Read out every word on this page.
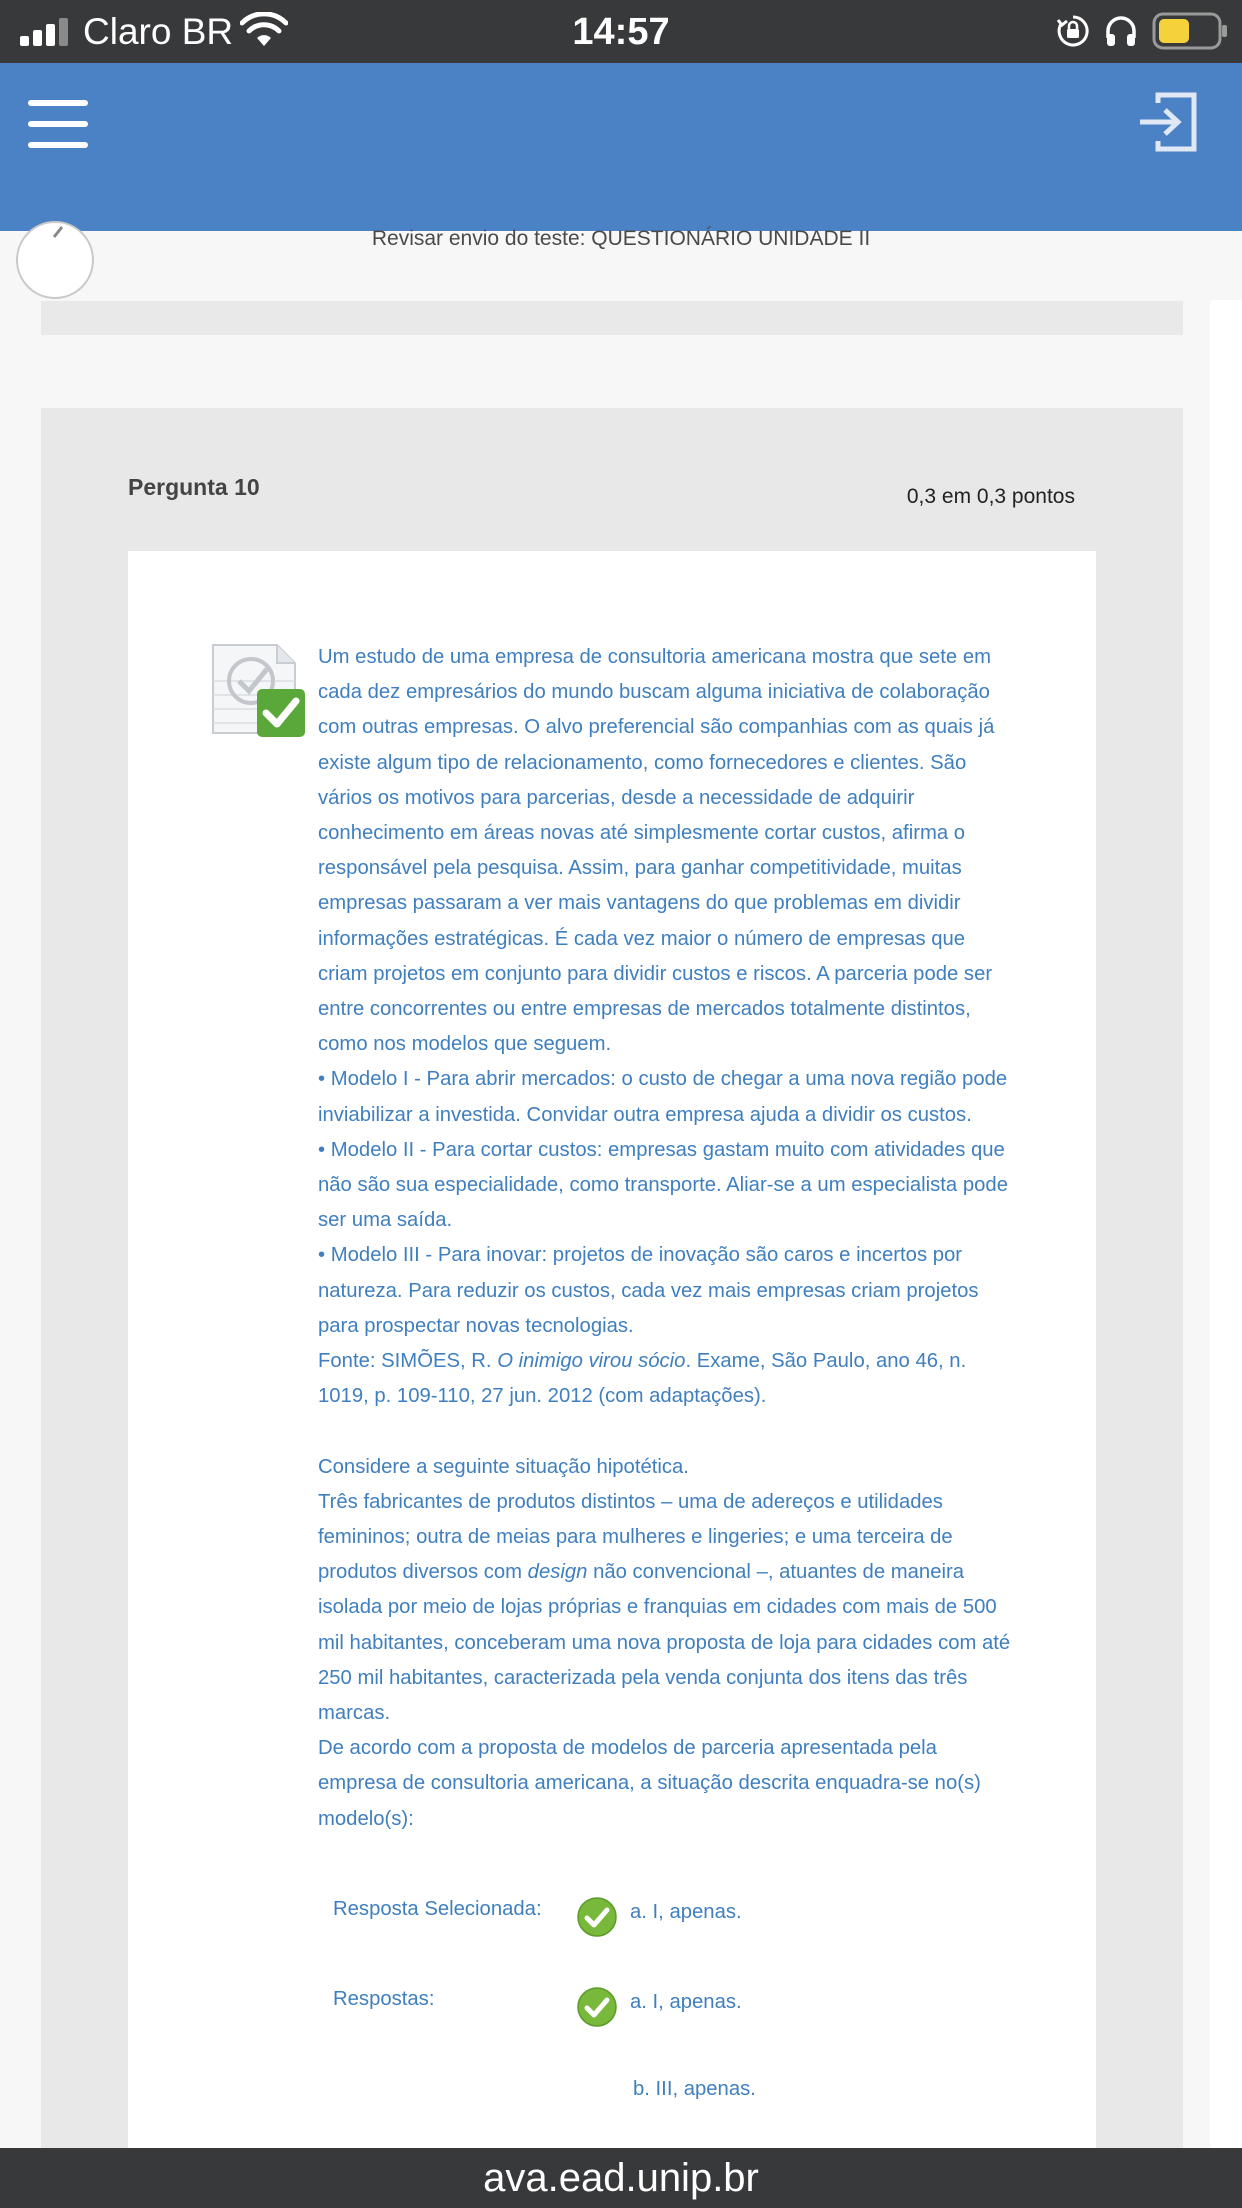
Claro BR	14:57
Revisar envio do teste: QUESTIONÁRIO UNIDADE II
Pergunta 10	0,3 em 0,3 pontos

Um estudo de uma empresa de consultoria americana mostra que sete em cada dez empresários do mundo buscam alguma iniciativa de colaboração com outras empresas. O alvo preferencial são companhias com as quais já existe algum tipo de relacionamento, como fornecedores e clientes. São vários os motivos para parcerias, desde a necessidade de adquirir conhecimento em áreas novas até simplesmente cortar custos, afirma o responsável pela pesquisa. Assim, para ganhar competitividade, muitas empresas passaram a ver mais vantagens do que problemas em dividir informações estratégicas. É cada vez maior o número de empresas que criam projetos em conjunto para dividir custos e riscos. A parceria pode ser entre concorrentes ou entre empresas de mercados totalmente distintos, como nos modelos que seguem.

• Modelo I - Para abrir mercados: o custo de chegar a uma nova região pode inviabilizar a investida. Convidar outra empresa ajuda a dividir os custos.

• Modelo II - Para cortar custos: empresas gastam muito com atividades que não são sua especialidade, como transporte. Aliar-se a um especialista pode ser uma saída.

• Modelo III - Para inovar: projetos de inovação são caros e incertos por natureza. Para reduzir os custos, cada vez mais empresas criam projetos para prospectar novas tecnologias.

Fonte: SIMÕES, R. O inimigo virou sócio. Exame, São Paulo, ano 46, n. 1019, p. 109-110, 27 jun. 2012 (com adaptações).

Considere a seguinte situação hipotética.

Três fabricantes de produtos distintos – uma de adereços e utilidades femininos; outra de meias para mulheres e lingeries; e uma terceira de produtos diversos com design não convencional –, atuantes de maneira isolada por meio de lojas próprias e franquias em cidades com mais de 500 mil habitantes, conceberam uma nova proposta de loja para cidades com até 250 mil habitantes, caracterizada pela venda conjunta dos itens das três marcas.

De acordo com a proposta de modelos de parceria apresentada pela empresa de consultoria americana, a situação descrita enquadra-se no(s) modelo(s):

Resposta Selecionada:	a. I, apenas.
Respostas:	a. I, apenas.
b. III, apenas.
ava.ead.unip.br
